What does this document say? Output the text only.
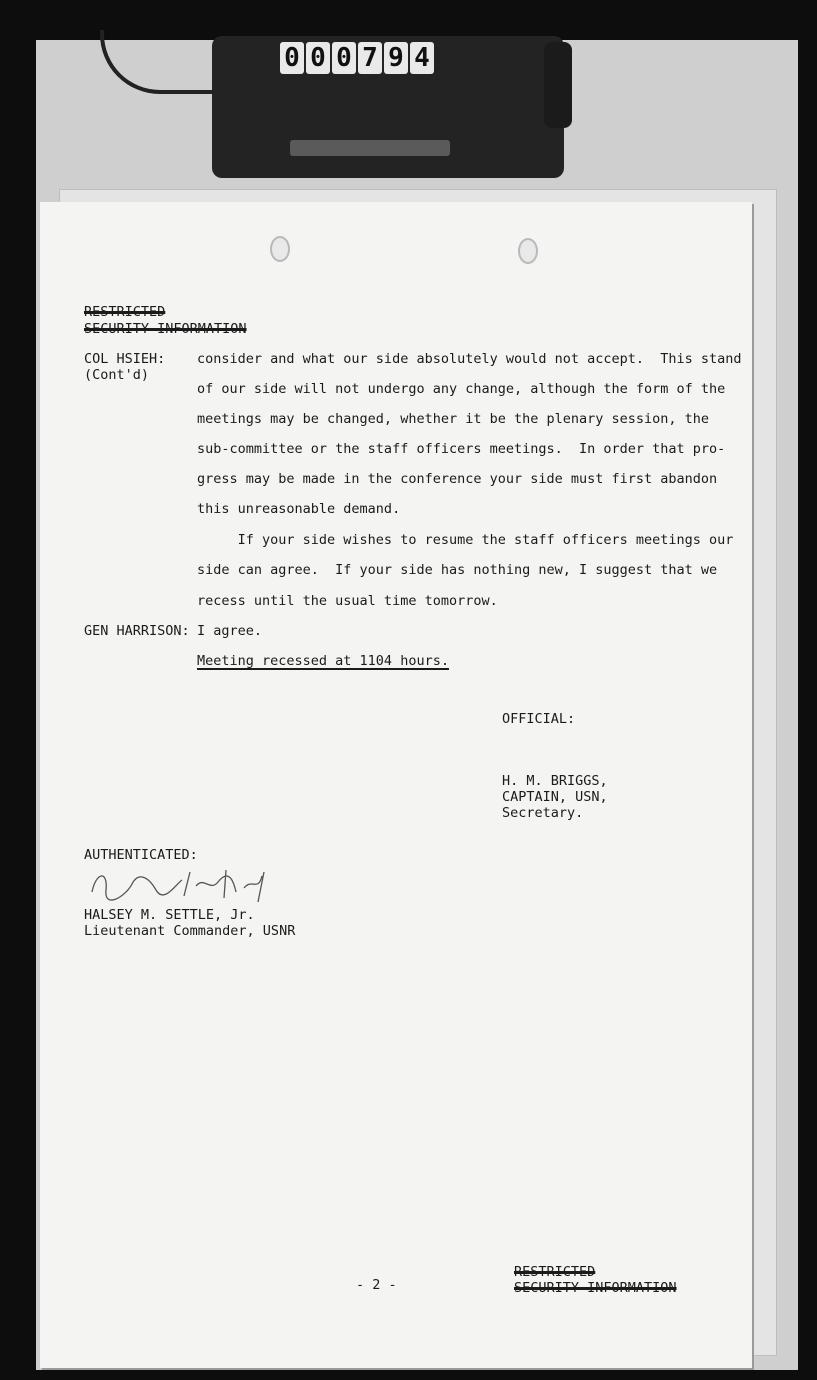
0 0 0 7 9 4
RESTRICTED
SECURITY INFORMATION
COL HSIEH:
(Cont'd)
consider and what our side absolutely would not accept.  This stand
of our side will not undergo any change, although the form of the
meetings may be changed, whether it be the plenary session, the
sub-committee or the staff officers meetings.  In order that pro-
gress may be made in the conference your side must first abandon
this unreasonable demand.
If your side wishes to resume the staff officers meetings our
side can agree.  If your side has nothing new, I suggest that we
recess until the usual time tomorrow.
GEN HARRISON: I agree.
Meeting recessed at 1104 hours.
OFFICIAL:
H. M. BRIGGS,
CAPTAIN, USN,
Secretary.
AUTHENTICATED:
HALSEY M. SETTLE, Jr.
Lieutenant Commander, USNR
- 2 -
RESTRICTED
SECURITY INFORMATION
